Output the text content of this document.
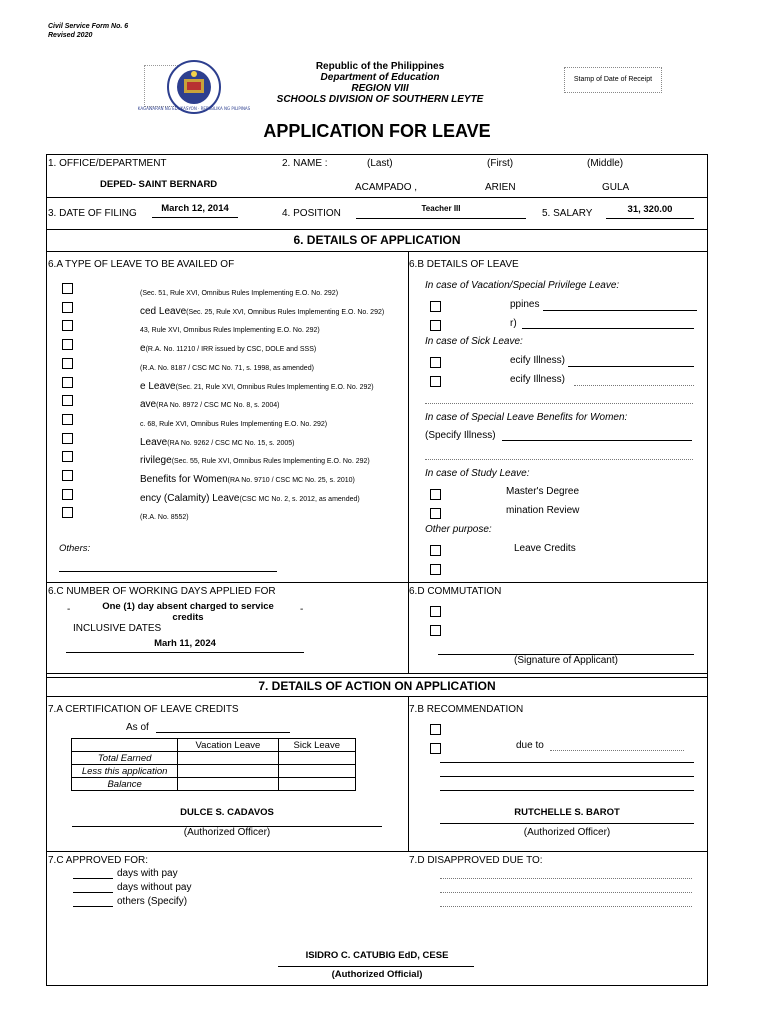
Civil Service Form No. 6
Revised 2020
KAGAWARAN NG EDUKASYON · REPUBLIKA NG PILIPINAS
Republic of the Philippines
Department of Education
REGION VIII
SCHOOLS DIVISION OF SOUTHERN LEYTE
Stamp of Date of Receipt
APPLICATION FOR LEAVE
1. OFFICE/DEPARTMENT
DEPED- SAINT BERNARD
2. NAME :	(Last)	(First)	(Middle)
ACAMPADO ,	ARIEN	GULA
3. DATE OF FILING	March 12, 2014	4. POSITION	Teacher III	5. SALARY	31, 320.00
6. DETAILS OF APPLICATION
6.A TYPE OF LEAVE TO BE AVAILED OF
(Sec. 51, Rule XVI, Omnibus Rules Implementing E.O. No. 292)
ced Leave(Sec. 25, Rule XVI, Omnibus Rules Implementing E.O. No. 292)
43, Rule XVI, Omnibus Rules Implementing E.O. No. 292)
e(R.A. No. 11210 / IRR issued by CSC, DOLE and SSS)
(R.A. No. 8187 / CSC MC No. 71, s. 1998, as amended)
e Leave(Sec. 21, Rule XVI, Omnibus Rules Implementing E.O. No. 292)
ave(RA No. 8972 / CSC MC No. 8, s. 2004)
c. 68, Rule XVI, Omnibus Rules Implementing E.O. No. 292)
Leave(RA No. 9262 / CSC MC No. 15, s. 2005)
rivilege(Sec. 55, Rule XVI, Omnibus Rules Implementing E.O. No. 292)
Benefits for Women(RA No. 9710 / CSC MC No. 25, s. 2010)
ency (Calamity) Leave(CSC MC No. 2, s. 2012, as amended)
(R.A. No. 8552)
Others:
6.B DETAILS OF LEAVE
In case of Vacation/Special Privilege Leave:
ppines
r)
In case of Sick Leave:
ecify Illness)
ecify Illness)
In case of Special Leave Benefits for Women:
(Specify Illness)
In case of Study Leave:
Master's Degree
mination Review
Other purpose:
Leave Credits
6.C NUMBER OF WORKING DAYS APPLIED FOR
-	One (1) day absent charged to service credits
-
INCLUSIVE DATES
Marh 11, 2024
6.D COMMUTATION
(Signature of Applicant)
7. DETAILS OF ACTION ON APPLICATION
7.A CERTIFICATION OF LEAVE CREDITS
As of
	Vacation Leave	Sick Leave
Total Earned		
Less this application		
Balance		
DULCE S. CADAVOS
(Authorized Officer)
7.B RECOMMENDATION
due to
RUTCHELLE S. BAROT
(Authorized Officer)
7.C APPROVED FOR:
days with pay
days without pay
others (Specify)
7.D DISAPPROVED DUE TO:
ISIDRO C. CATUBIG EdD, CESE
(Authorized Official)
